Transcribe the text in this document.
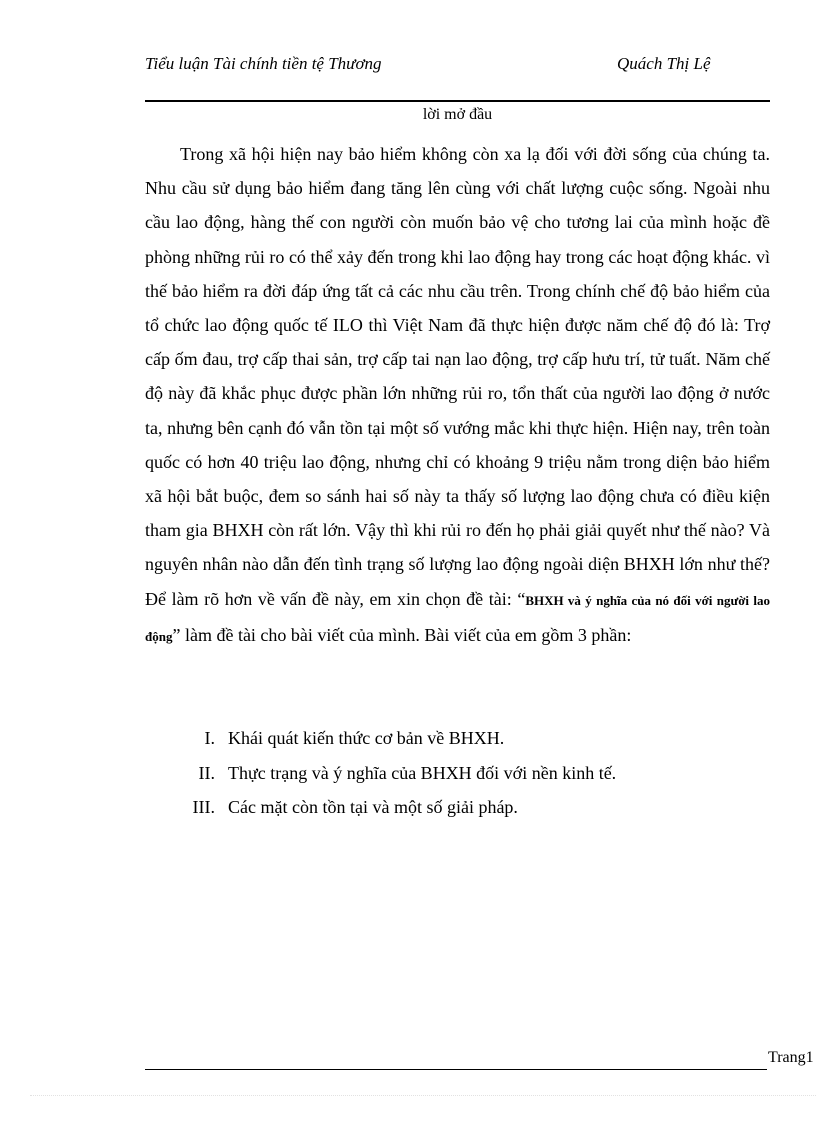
Tiểu luận Tài chính tiền tệ Thương	Quách Thị Lệ
lời mở đầu

Trong xã hội hiện nay bảo hiểm không còn xa lạ đối với đời sống của chúng ta. Nhu cầu sử dụng bảo hiểm đang tăng lên cùng với chất lượng cuộc sống. Ngoài nhu cầu lao động, hàng thế con người còn muốn bảo vệ cho tương lai của mình hoặc đề phòng những rủi ro có thể xảy đến trong khi lao động hay trong các hoạt động khác. vì thế bảo hiểm ra đời đáp ứng tất cả các nhu cầu trên. Trong chính chế độ bảo hiểm của tổ chức lao động quốc tế ILO thì Việt Nam đã thực hiện được năm chế độ đó là: Trợ cấp ốm đau, trợ cấp thai sản, trợ cấp tai nạn lao động, trợ cấp hưu trí, tử tuất. Năm chế độ này đã khắc phục được phần lớn những rủi ro, tổn thất của người lao động ở nước ta, nhưng bên cạnh đó vẫn tồn tại một số vướng mắc khi thực hiện. Hiện nay, trên toàn quốc có hơn 40 triệu lao động, nhưng chỉ có khoảng 9 triệu nằm trong diện bảo hiểm xã hội bắt buộc, đem so sánh hai số này ta thấy số lượng lao động chưa có điều kiện tham gia BHXH còn rất lớn. Vậy thì khi rủi ro đến họ phải giải quyết như thế nào? Và nguyên nhân nào dẫn đến tình trạng số lượng lao động ngoài diện BHXH lớn như thế? Để làm rõ hơn về vấn đề này, em xin chọn đề tài: “BHXH và ý nghĩa của nó đối với người lao động” làm đề tài cho bài viết của mình. Bài viết của em gồm 3 phần:

I. Khái quát kiến thức cơ bản về BHXH.
II. Thực trạng và ý nghĩa của BHXH đối với nền kinh tế.
III. Các mặt còn tồn tại và một số giải pháp.
Trang1
